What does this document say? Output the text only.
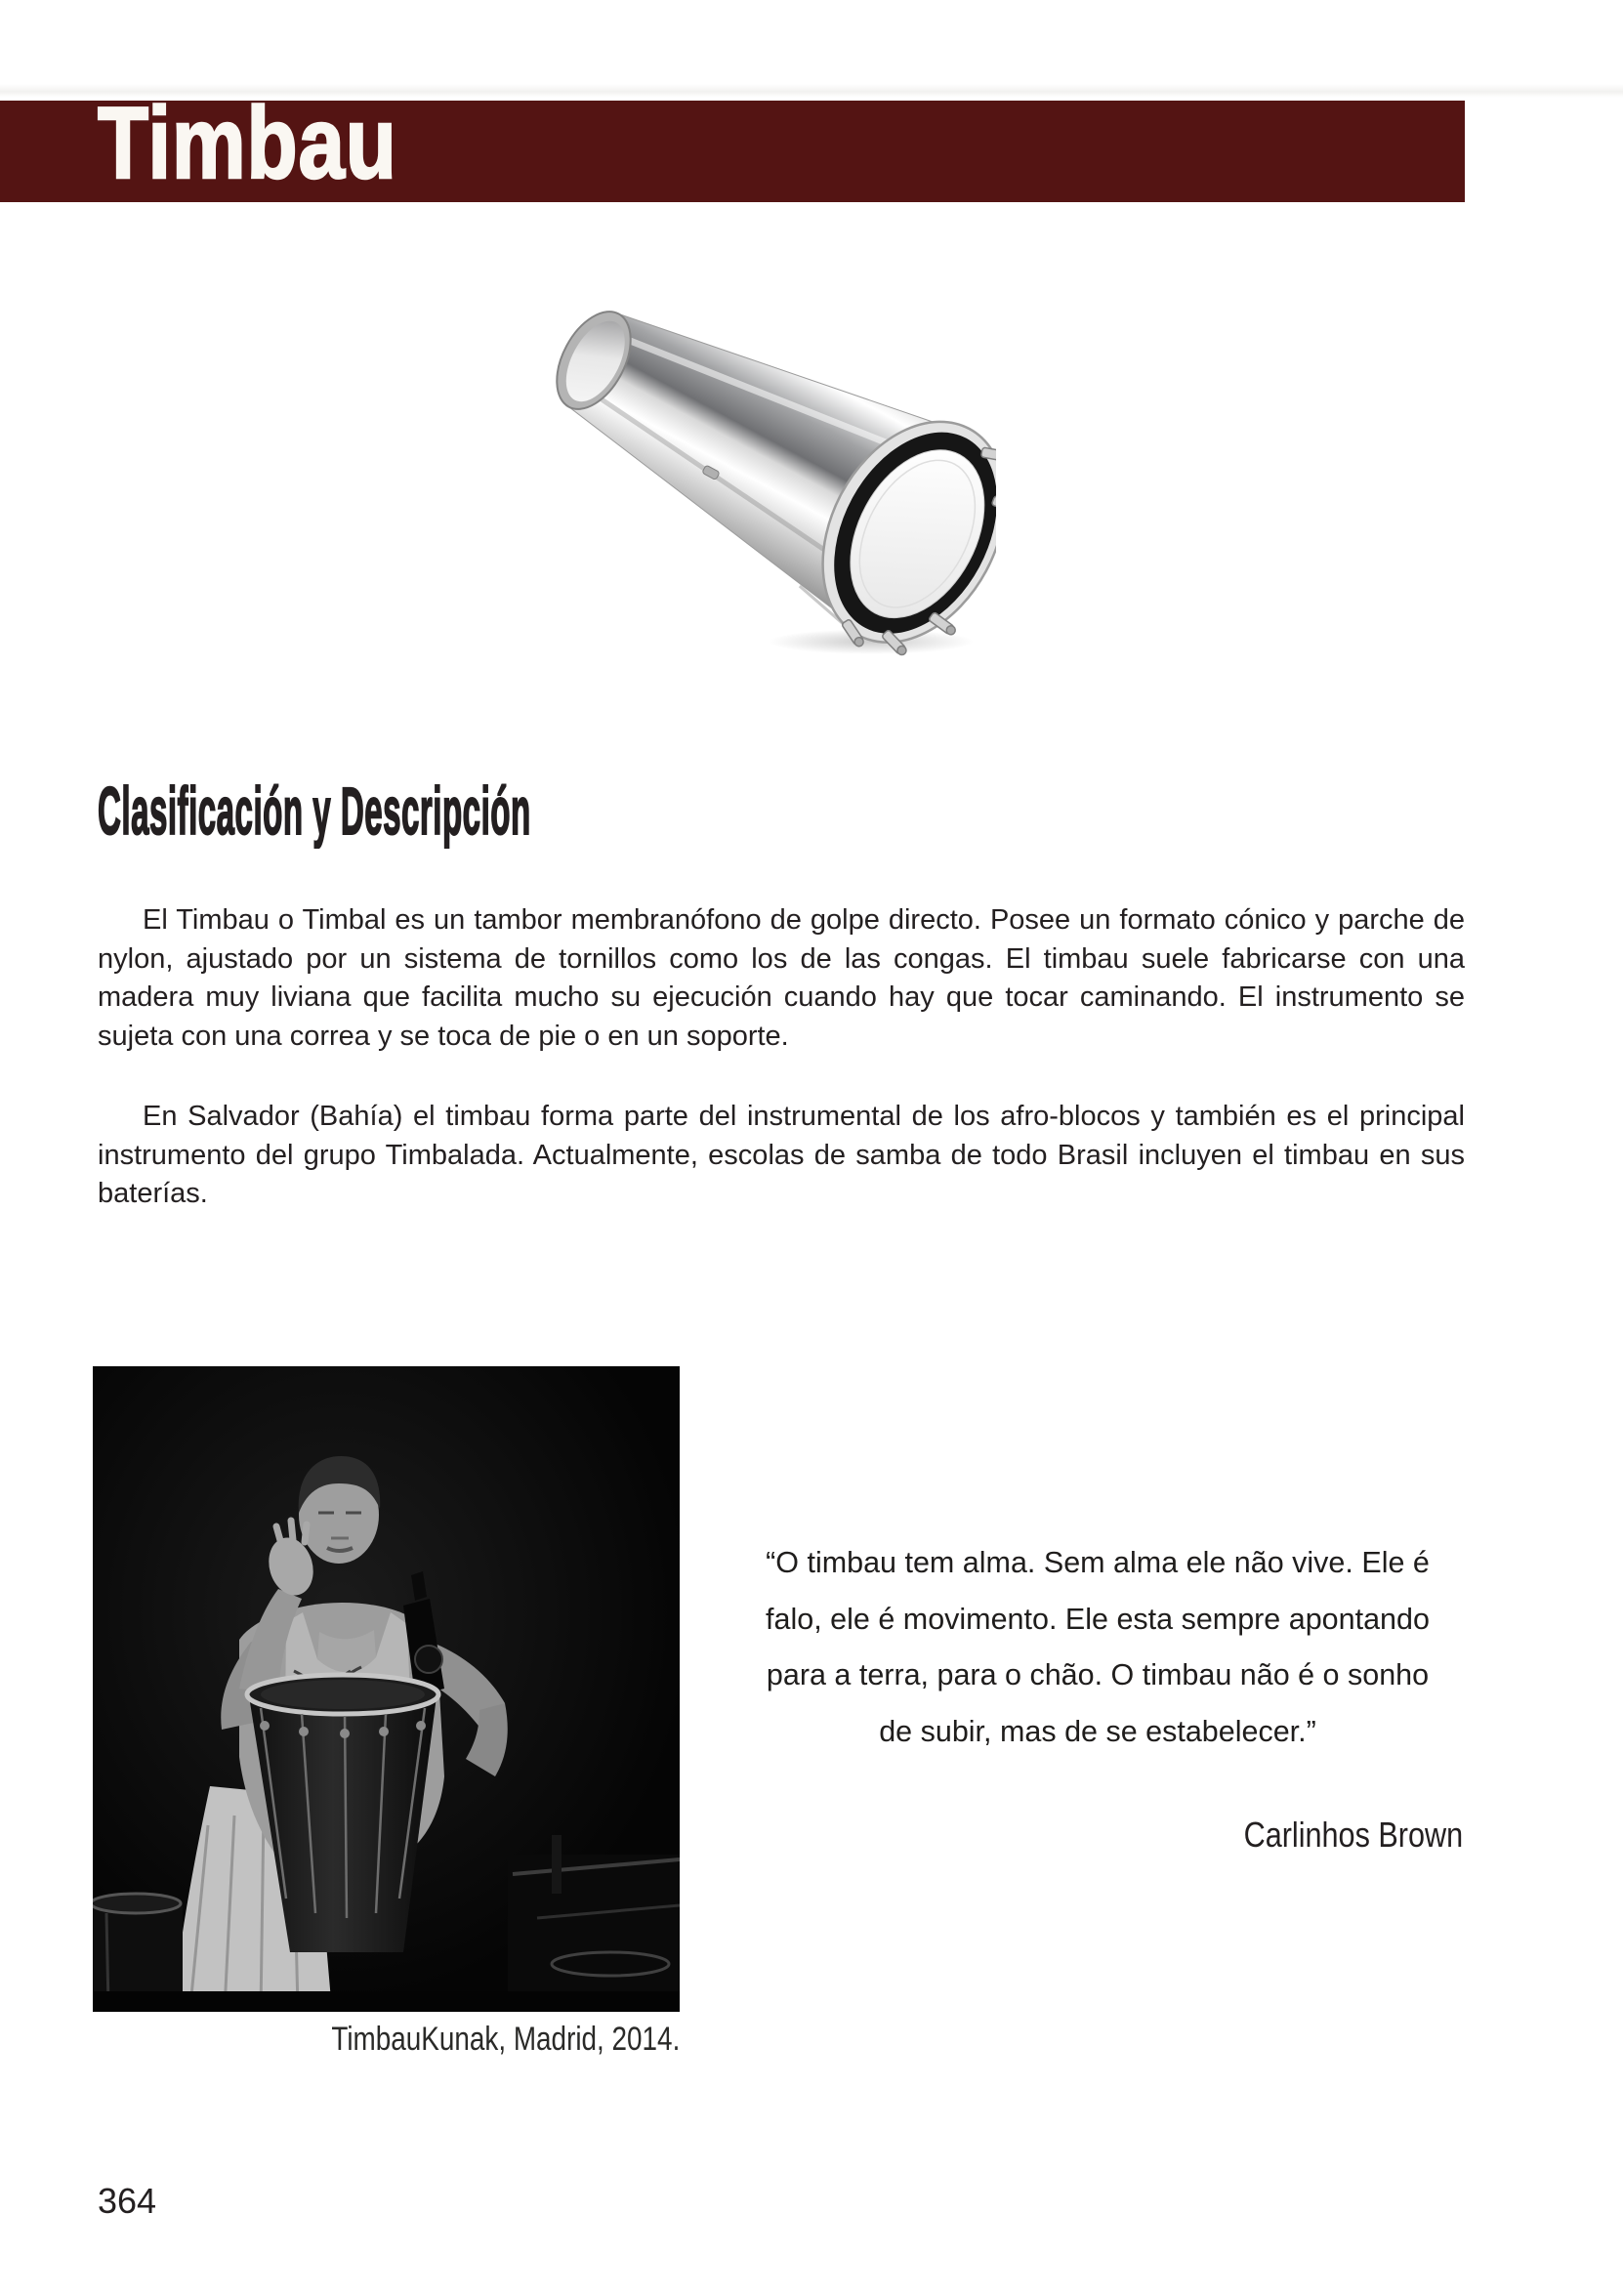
Timbau
Clasificación y Descripción

El Timbau o Timbal es un tambor membranófono de golpe directo. Posee un formato cónico y parche de nylon, ajustado por un sistema de tornillos como los de las congas. El timbau suele fabricarse con una madera muy liviana que facilita mucho su ejecución cuando hay que tocar caminando. El instrumento se sujeta con una correa y se toca de pie o en un soporte.

En Salvador (Bahía) el timbau forma parte del instrumental de los afro-blocos y también es el principal instrumento del grupo Timbalada. Actualmente, escolas de samba de todo Brasil incluyen el timbau en sus baterías.

TimbauKunak, Madrid, 2014.
“O timbau tem alma. Sem alma ele não vive. Ele é
falo, ele é movimento. Ele esta sempre apontando
para a terra, para o chão. O timbau não é o sonho
de subir, mas de se estabelecer.”
Carlinhos Brown
364
